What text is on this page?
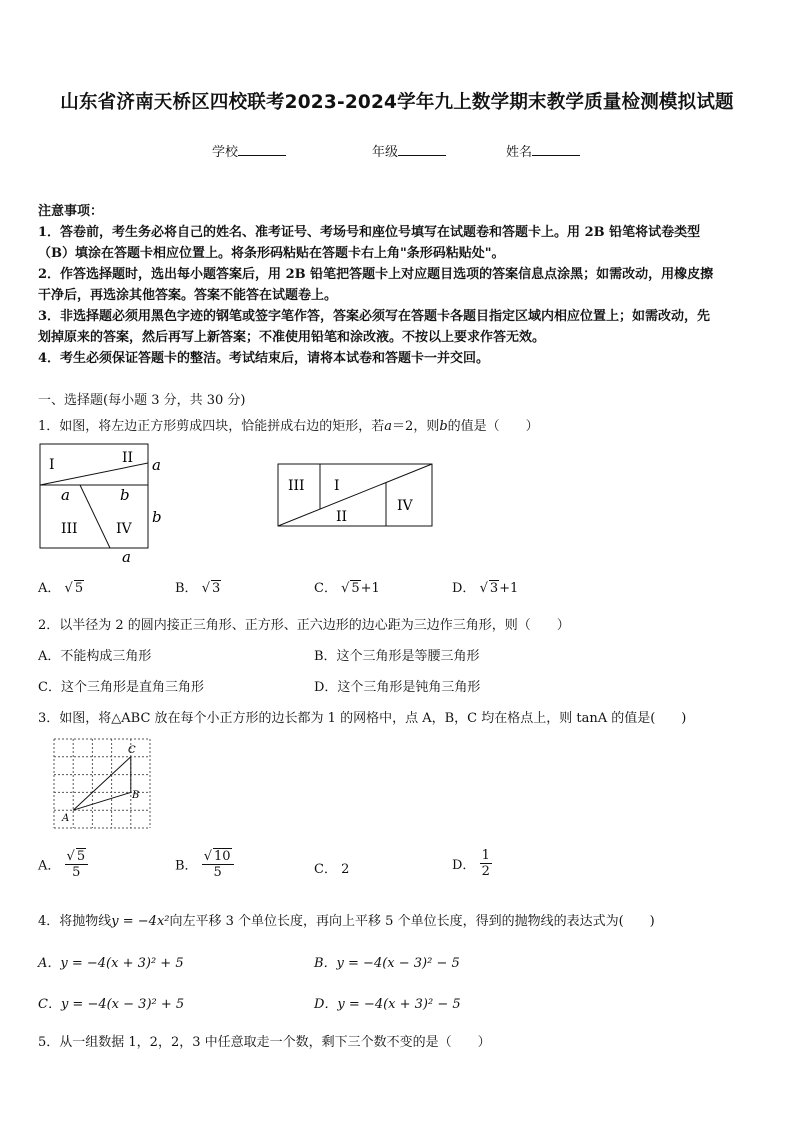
山东省济南天桥区四校联考2023-2024学年九上数学期末教学质量检测模拟试题
学校	年级	姓名
注意事项：
1．答卷前，考生务必将自己的姓名、准考证号、考场号和座位号填写在试题卷和答题卡上。用 2B 铅笔将试卷类型
（B）填涂在答题卡相应位置上。将条形码粘贴在答题卡右上角"条形码粘贴处"。
2．作答选择题时，选出每小题答案后，用 2B 铅笔把答题卡上对应题目选项的答案信息点涂黑；如需改动，用橡皮擦
干净后，再选涂其他答案。答案不能答在试题卷上。
3．非选择题必须用黑色字迹的钢笔或签字笔作答，答案必须写在答题卡各题目指定区域内相应位置上；如需改动，先
划掉原来的答案，然后再写上新答案；不准使用铅笔和涂改液。不按以上要求作答无效。
4．考生必须保证答题卡的整洁。考试结束后，请将本试卷和答题卡一并交回。
一、选择题(每小题 3 分，共 30 分)
1．如图，将左边正方形剪成四块，恰能拼成右边的矩形，若a＝2，则b的值是（　　）
I	II
III	IV
a	b
a
b
a
III I
II
IV
A． √ 5	B． √ 3	C． √ 5+1	D． √ 3+1
2．以半径为 2 的圆内接正三角形、正方形、正六边形的边心距为三边作三角形，则（　　）
A．不能构成三角形	B．这个三角形是等腰三角形
C．这个三角形是直角三角形	D．这个三角形是钝角三角形
3．如图，将△ABC 放在每个小正方形的边长都为 1 的网格中，点 A，B，C 均在格点上，则 tanA 的值是(　　)
A
B
C
A． $\frac{√ 5}{5}$	B． $\frac{√ 10}{5}$	C． 2	D． $\frac{1}{2}$
4．将抛物线y = −4x²向左平移 3 个单位长度，再向上平移 5 个单位长度，得到的抛物线的表达式为(　　)
A．y = −4(x + 3)² + 5	B．y = −4(x − 3)² − 5
C．y = −4(x − 3)² + 5	D．y = −4(x + 3)² − 5
5．从一组数据 1，2，2，3 中任意取走一个数，剩下三个数不变的是（　　）
